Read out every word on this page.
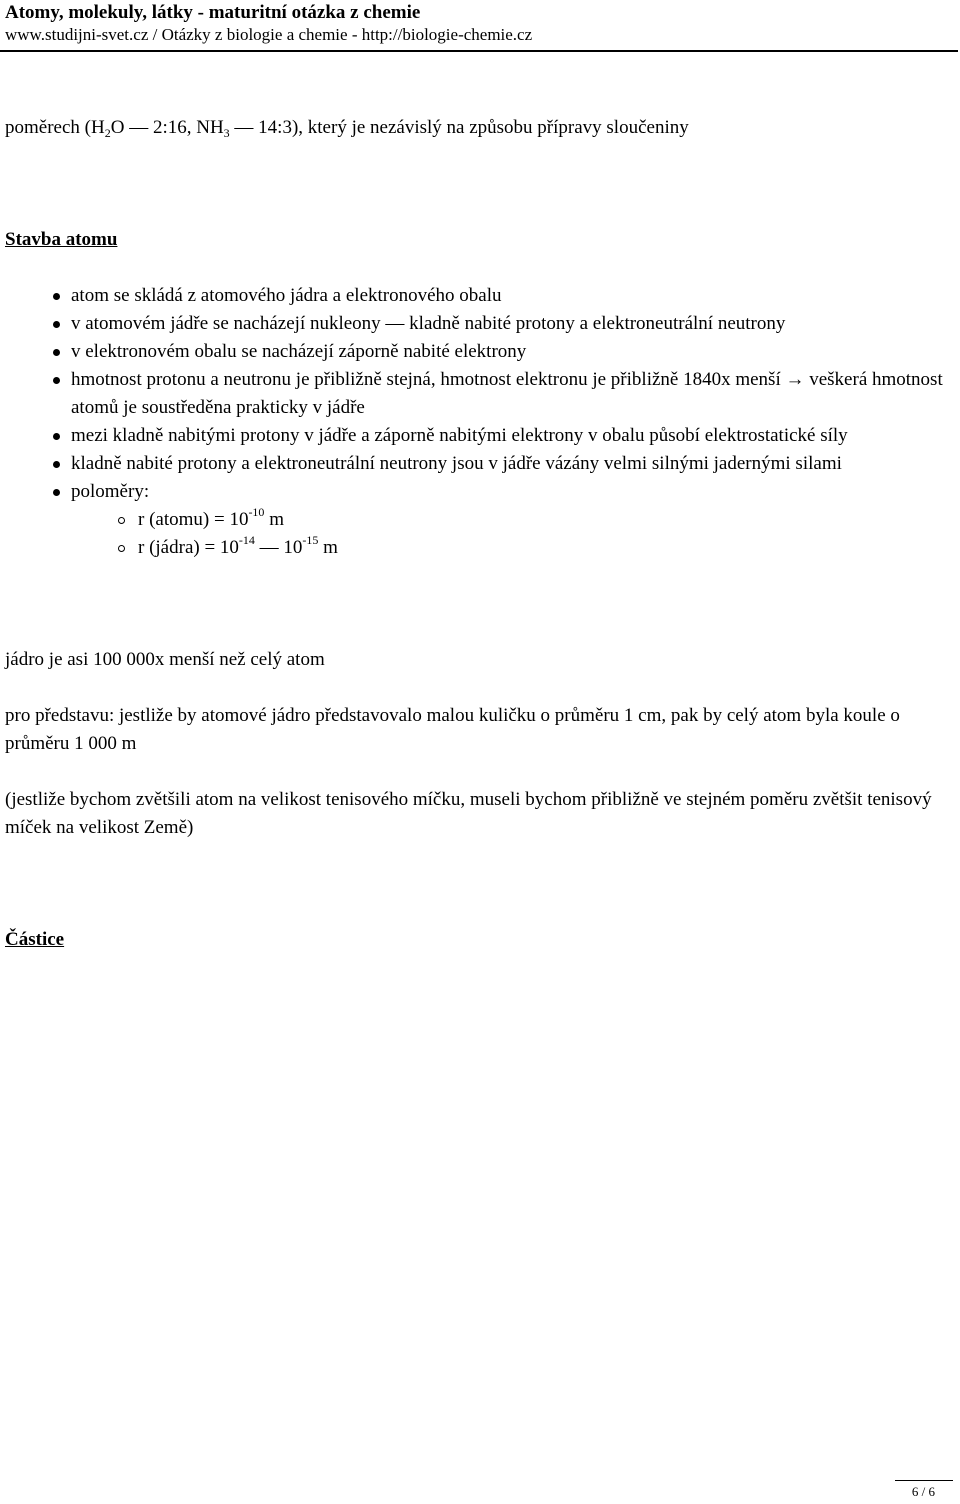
Atomy, molekuly, látky - maturitní otázka z chemie
www.studijni-svet.cz / Otázky z biologie a chemie - http://biologie-chemie.cz
poměrech ($H_2O$ — 2:16, $NH_3$ — 14:3), který je nezávislý na způsobu přípravy sloučeniny
Stavba atomu
atom se skládá z atomového jádra a elektronového obalu
v atomovém jádře se nacházejí nukleony — kladně nabité protony a elektroneutrální neutrony
v elektronovém obalu se nacházejí záporně nabité elektrony
hmotnost protonu a neutronu je přibližně stejná, hmotnost elektronu je přibližně 1840x menší → veškerá hmotnost atomů je soustředěna prakticky v jádře
mezi kladně nabitými protony v jádře a záporně nabitými elektrony v obalu působí elektrostatické síly
kladně nabité protony a elektroneutrální neutrony jsou v jádře vázány velmi silnými jadernými silami
poloměry:
r (atomu) = $10^{-10}$ m
r (jádra) = $10^{-14}$ — $10^{-15}$ m
jádro je asi 100 000x menší než celý atom
pro představu: jestliže by atomové jádro představovalo malou kuličku o průměru 1 cm, pak by celý atom byla koule o průměru 1 000 m
(jestliže bychom zvětšili atom na velikost tenisového míčku, museli bychom přibližně ve stejném poměru zvětšit tenisový míček na velikost Země)
Částice
6 / 6
